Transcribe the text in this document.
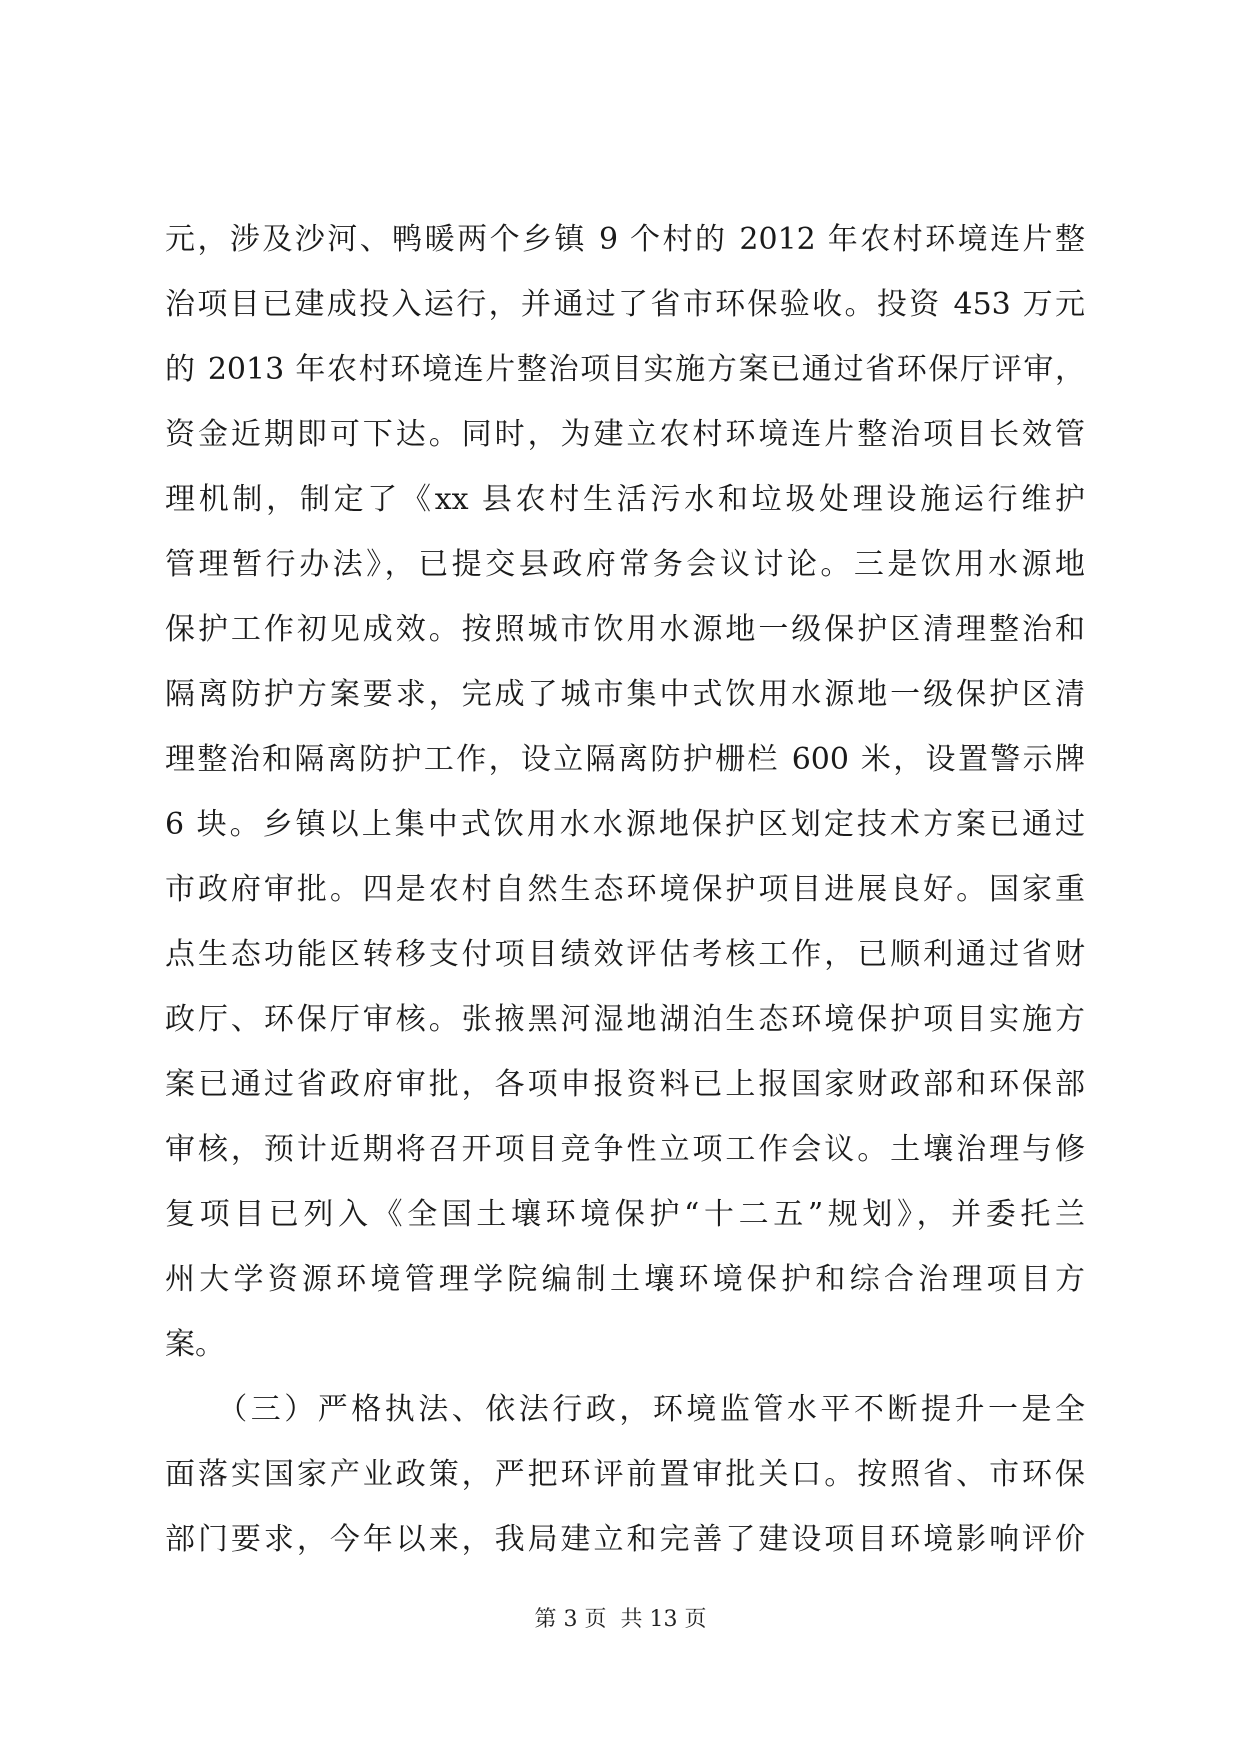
元，涉及沙河、鸭暖两个乡镇 9 个村的 2012 年农村环境连片整
治项目已建成投入运行，并通过了省市环保验收。投资 453 万元
的 2013 年农村环境连片整治项目实施方案已通过省环保厅评审，
资金近期即可下达。同时，为建立农村环境连片整治项目长效管
理机制，制定了《xx 县农村生活污水和垃圾处理设施运行维护
管理暂行办法》，已提交县政府常务会议讨论。三是饮用水源地
保护工作初见成效。按照城市饮用水源地一级保护区清理整治和
隔离防护方案要求，完成了城市集中式饮用水源地一级保护区清
理整治和隔离防护工作，设立隔离防护栅栏 600 米，设置警示牌
6 块。乡镇以上集中式饮用水水源地保护区划定技术方案已通过
市政府审批。四是农村自然生态环境保护项目进展良好。国家重
点生态功能区转移支付项目绩效评估考核工作，已顺利通过省财
政厅、环保厅审核。张掖黑河湿地湖泊生态环境保护项目实施方
案已通过省政府审批，各项申报资料已上报国家财政部和环保部
审核，预计近期将召开项目竞争性立项工作会议。土壤治理与修
复项目已列入《全国土壤环境保护“十二五”规划》，并委托兰
州大学资源环境管理学院编制土壤环境保护和综合治理项目方
案。
（三）严格执法、依法行政，环境监管水平不断提升一是全
面落实国家产业政策，严把环评前置审批关口。按照省、市环保
部门要求，今年以来，我局建立和完善了建设项目环境影响评价
第 3 页  共 13 页
